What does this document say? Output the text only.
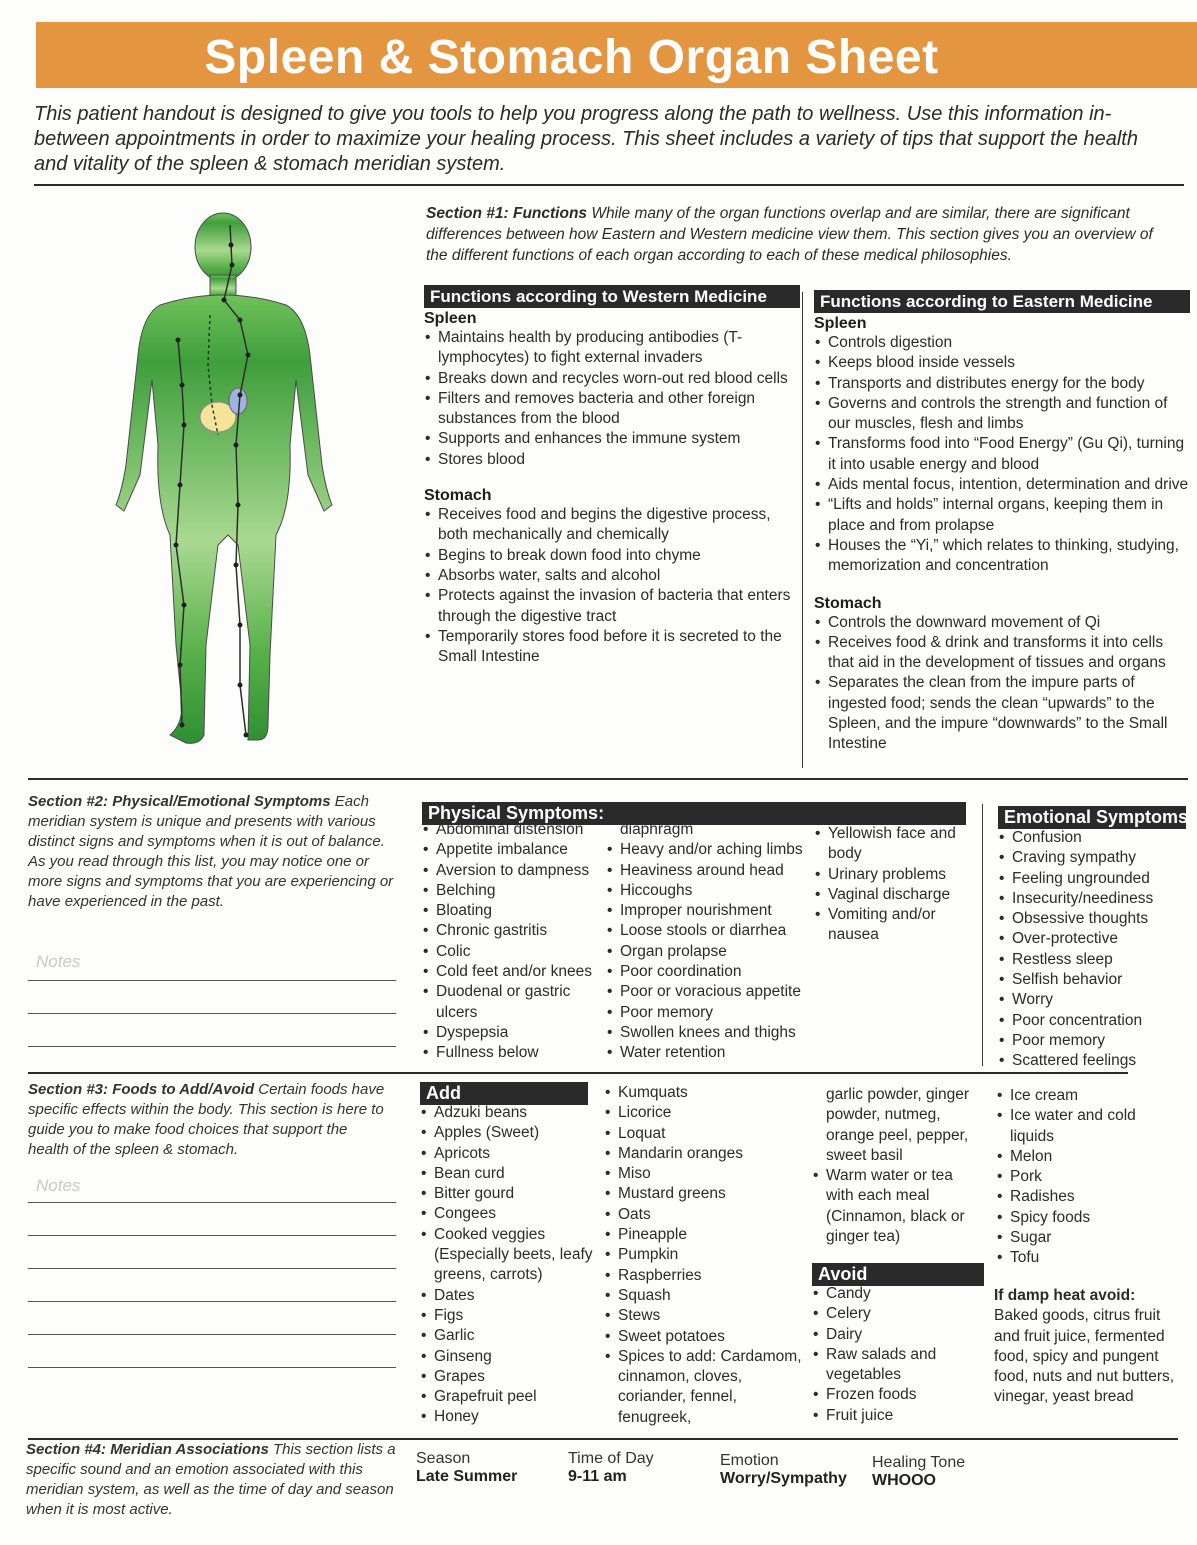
Spleen & Stomach Organ Sheet
This patient handout is designed to give you tools to help you progress along the path to wellness. Use this information in-between appointments in order to maximize your healing process. This sheet includes a variety of tips that support the health and vitality of the spleen & stomach meridian system.
Section #1: Functions While many of the organ functions overlap and are similar, there are significant differences between how Eastern and Western medicine view them. This section gives you an overview of the different functions of each organ according to each of these medical philosophies.
Functions according to Western Medicine
Spleen
• Maintains health by producing antibodies (T-lymphocytes) to fight external invaders
• Breaks down and recycles worn-out red blood cells
• Filters and removes bacteria and other foreign substances from the blood
• Supports and enhances the immune system
• Stores blood
Stomach
• Receives food and begins the digestive process, both mechanically and chemically
• Begins to break down food into chyme
• Absorbs water, salts and alcohol
• Protects against the invasion of bacteria that enters through the digestive tract
• Temporarily stores food before it is secreted to the Small Intestine
Functions according to Eastern Medicine
Spleen
• Controls digestion
• Keeps blood inside vessels
• Transports and distributes energy for the body
• Governs and controls the strength and function of our muscles, flesh and limbs
• Transforms food into “Food Energy” (Gu Qi), turning it into usable energy and blood
• Aids mental focus, intention, determination and drive
• “Lifts and holds” internal organs, keeping them in place and from prolapse
• Houses the “Yi,” which relates to thinking, studying, memorization and concentration
Stomach
• Controls the downward movement of Qi
• Receives food & drink and transforms it into cells that aid in the development of tissues and organs
• Separates the clean from the impure parts of ingested food; sends the clean “upwards” to the Spleen, and the impure “downwards” to the Small Intestine
Section #2: Physical/Emotional Symptoms Each meridian system is unique and presents with various distinct signs and symptoms when it is out of balance. As you read through this list, you may notice one or more signs and symptoms that you are experiencing or have experienced in the past.
Notes
Physical Symptoms:
• Abdominal distension
• Appetite imbalance
• Aversion to dampness
• Belching
• Bloating
• Chronic gastritis
• Colic
• Cold feet and/or knees
• Duodenal or gastric ulcers
• Dyspepsia
• Fullness below
diaphragm
• Heavy and/or aching limbs
• Heaviness around head
• Hiccoughs
• Improper nourishment
• Loose stools or diarrhea
• Organ prolapse
• Poor coordination
• Poor or voracious appetite
• Poor memory
• Swollen knees and thighs
• Water retention
• Yellowish face and body
• Urinary problems
• Vaginal discharge
• Vomiting and/or nausea
Emotional Symptoms:
• Confusion
• Craving sympathy
• Feeling ungrounded
• Insecurity/neediness
• Obsessive thoughts
• Over-protective
• Restless sleep
• Selfish behavior
• Worry
• Poor concentration
• Poor memory
• Scattered feelings
Section #3: Foods to Add/Avoid Certain foods have specific effects within the body. This section is here to guide you to make food choices that support the health of the spleen & stomach.
Notes
Add
• Adzuki beans
• Apples (Sweet)
• Apricots
• Bean curd
• Bitter gourd
• Congees
• Cooked veggies (Especially beets, leafy greens, carrots)
• Dates
• Figs
• Garlic
• Ginseng
• Grapes
• Grapefruit peel
• Honey
• Kumquats
• Licorice
• Loquat
• Mandarin oranges
• Miso
• Mustard greens
• Oats
• Pineapple
• Pumpkin
• Raspberries
• Squash
• Stews
• Sweet potatoes
• Spices to add: Cardamom, cinnamon, cloves, coriander, fennel, fenugreek,
garlic powder, ginger powder, nutmeg, orange peel, pepper, sweet basil
• Warm water or tea with each meal (Cinnamon, black or ginger tea)
Avoid
• Candy
• Celery
• Dairy
• Raw salads and vegetables
• Frozen foods
• Fruit juice
• Ice cream
• Ice water and cold liquids
• Melon
• Pork
• Radishes
• Spicy foods
• Sugar
• Tofu
If damp heat avoid:
Baked goods, citrus fruit and fruit juice, fermented food, spicy and pungent food, nuts and nut butters, vinegar, yeast bread
Section #4: Meridian Associations This section lists a specific sound and an emotion associated with this meridian system, as well as the time of day and season when it is most active.
Season
Late Summer
Time of Day
9-11 am
Emotion
Worry/Sympathy
Healing Tone
WHOOO
